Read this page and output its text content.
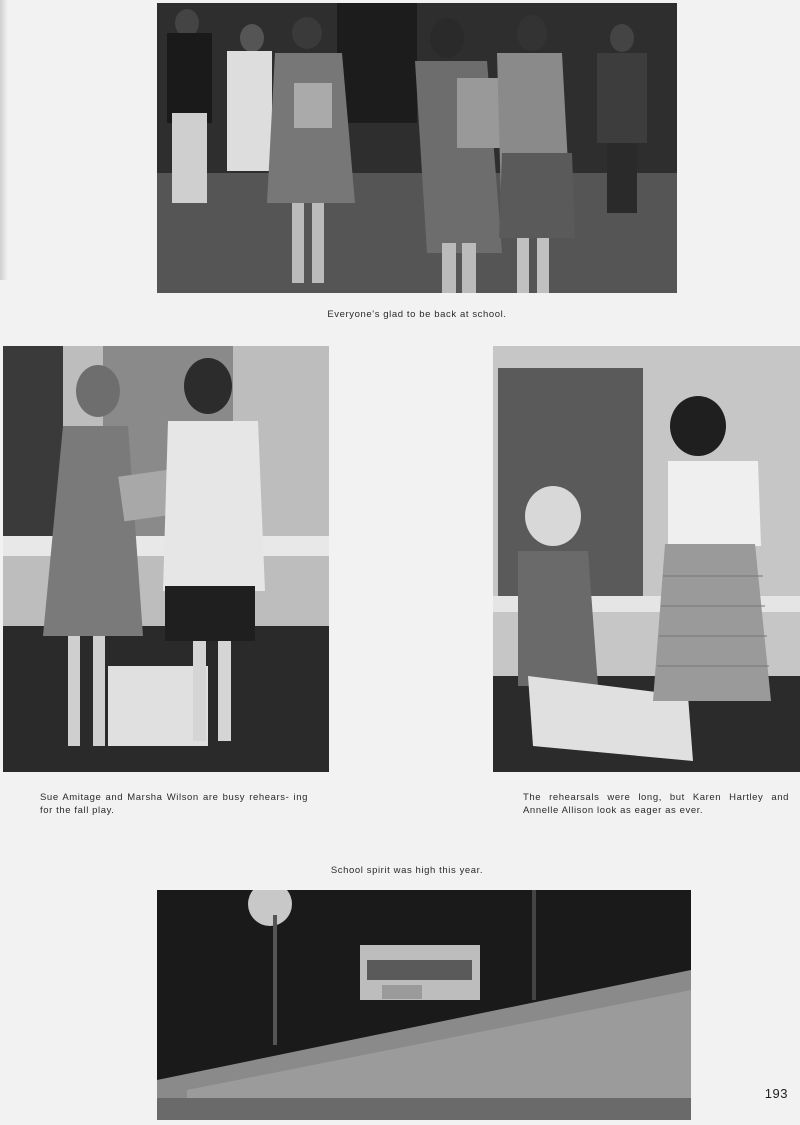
Everyone's glad to be back at school.
Sue Amitage and Marsha Wilson are busy rehears- ing for the fall play.
The rehearsals were long, but Karen Hartley and Annelle Allison look as eager as ever.
School spirit was high this year.
193
